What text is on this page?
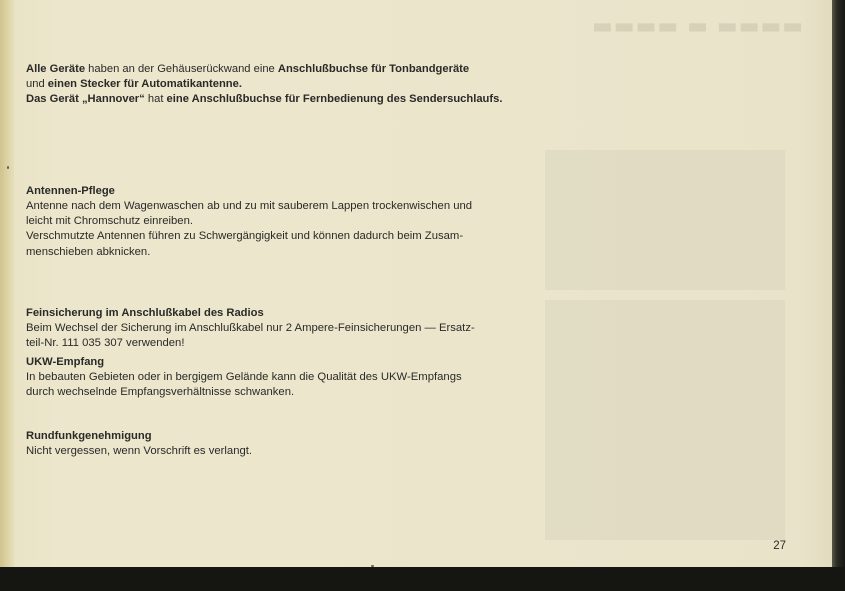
▬▬▬▬ ▬ ▬▬▬▬

Alle Geräte haben an der Gehäuserückwand eine Anschlußbuchse für Tonbandgeräte

und einen Stecker für Automatikantenne.

Das Gerät „Hannover“ hat eine Anschlußbuchse für Fernbedienung des Sendersuchlaufs.

Antennen-Pflege

Antenne nach dem Wagenwaschen ab und zu mit sauberem Lappen trockenwischen und

leicht mit Chromschutz einreiben.

Verschmutzte Antennen führen zu Schwergängigkeit und können dadurch beim Zusam-

menschieben abknicken.

Feinsicherung im Anschlußkabel des Radios

Beim Wechsel der Sicherung im Anschlußkabel nur 2 Ampere-Feinsicherungen — Ersatz-

teil-Nr. 111 035 307 verwenden!

UKW-Empfang

In bebauten Gebieten oder in bergigem Gelände kann die Qualität des UKW-Empfangs

durch wechselnde Empfangsverhältnisse schwanken.

Rundfunkgenehmigung

Nicht vergessen, wenn Vorschrift es verlangt.

27
